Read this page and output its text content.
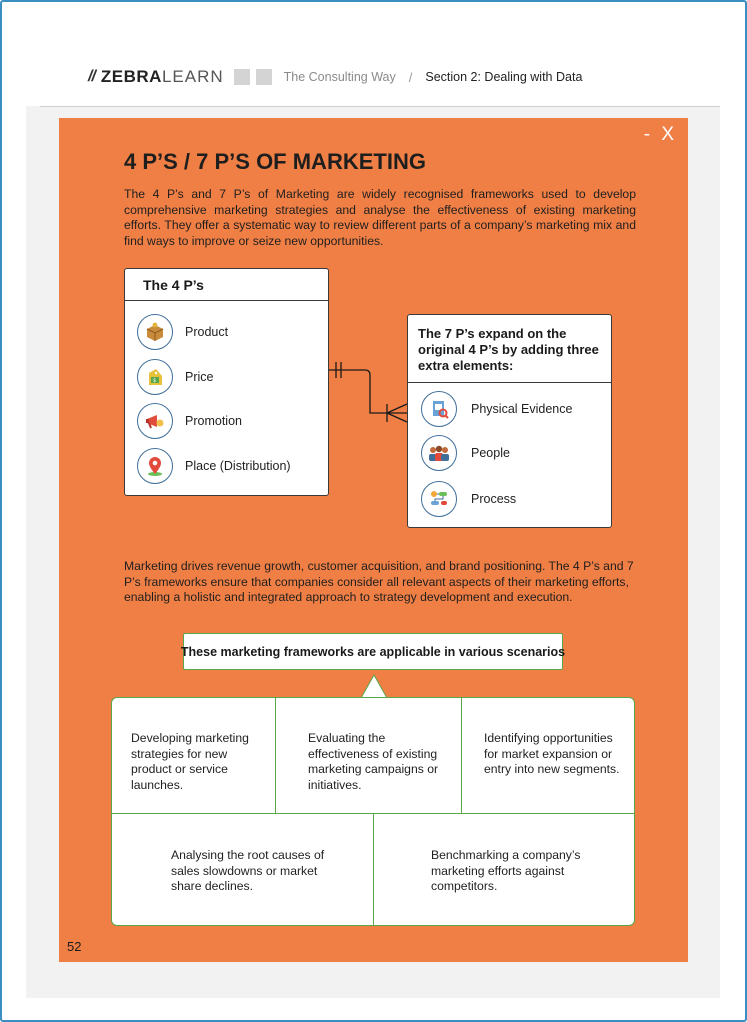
// ZEBRA LEARN	The Consulting Way / Section 2: Dealing with Data
- X
4 P’S / 7 P’S OF MARKETING
The 4 P’s and 7 P’s of Marketing are widely recognised frameworks used to develop comprehensive marketing strategies and analyse the effectiveness of existing marketing efforts. They offer a systematic way to review different parts of a company’s marketing mix and find ways to improve or seize new opportunities.
The 4 P’s
Product
$ Price
Promotion
Place (Distribution)
The 7 P’s expand on the original 4 P’s by adding three extra elements:
Physical Evidence
People
Process
Marketing drives revenue growth, customer acquisition, and brand positioning. The 4 P’s and 7 P’s frameworks ensure that companies consider all relevant aspects of their marketing efforts, enabling a holistic and integrated approach to strategy development and execution.
These marketing frameworks are applicable in various scenarios
Developing marketing strategies for new product or service launches.
Evaluating the effectiveness of existing marketing campaigns or initiatives.
Identifying opportunities for market expansion or entry into new segments.
Analysing the root causes of sales slowdowns or market share declines.
Benchmarking a company’s marketing efforts against competitors.
52
